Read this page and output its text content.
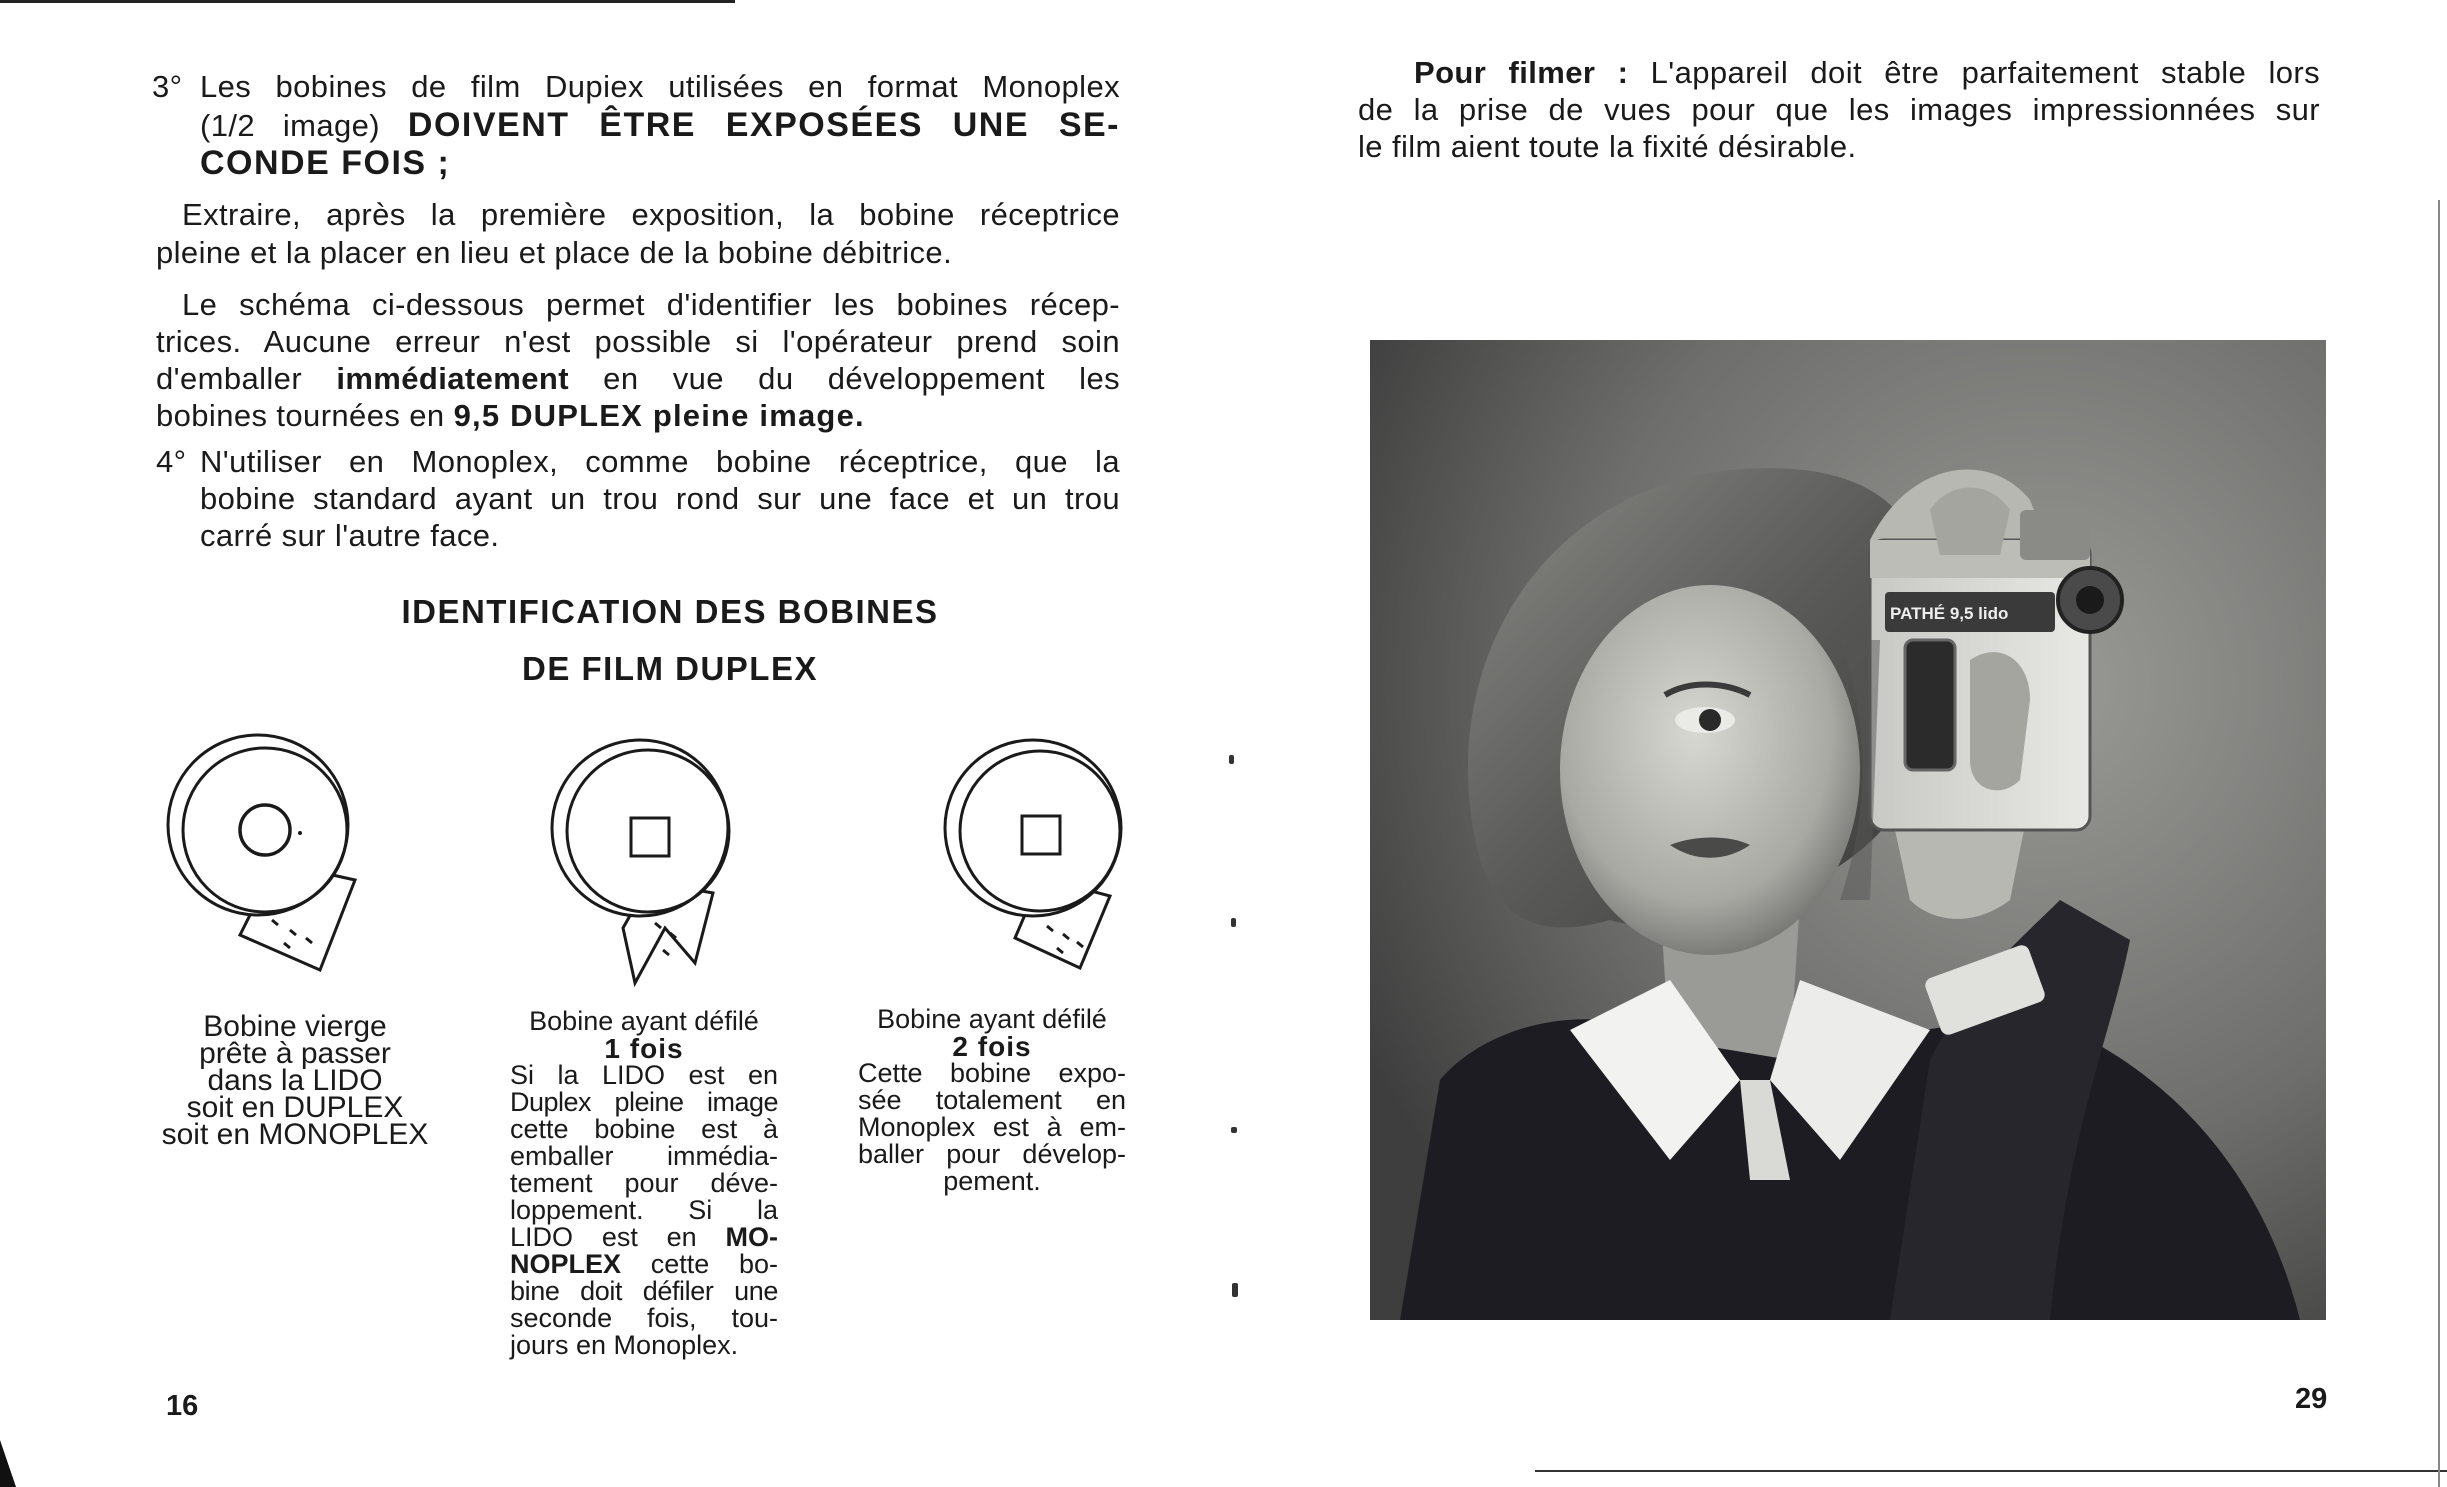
3° Les bobines de film Dupiex utilisées en format Monoplex
(1/2 image) DOIVENT ÊTRE EXPOSÉES UNE SE-
CONDE FOIS ;
Extraire, après la première exposition, la bobine réceptrice
pleine et la placer en lieu et place de la bobine débitrice.
Le schéma ci-dessous permet d'identifier les bobines récep-
trices. Aucune erreur n'est possible si l'opérateur prend soin
d'emballer immédiatement en vue du développement les
bobines tournées en 9,5 DUPLEX pleine image.
4° N'utiliser en Monoplex, comme bobine réceptrice, que la
bobine standard ayant un trou rond sur une face et un trou
carré sur l'autre face.
IDENTIFICATION DES BOBINES
DE FILM DUPLEX
Bobine vierge
prête à passer
dans la LIDO
soit en DUPLEX
soit en MONOPLEX
Bobine ayant défilé
1 fois
Si la LIDO est en
Duplex pleine image
cette bobine est à
emballer immédia-
tement pour déve-
loppement. Si la
LIDO est en MO-
NOPLEX cette bo-
bine doit défiler une
seconde fois, tou-
jours en Monoplex.
Bobine ayant défilé
2 fois
Cette bobine expo-
sée totalement en
Monoplex est à em-
baller pour dévelop-
pement.
16
Pour filmer : L'appareil doit être parfaitement stable lors
de la prise de vues pour que les images impressionnées sur
le film aient toute la fixité désirable.
PATHÉ 9,5 lido
29
